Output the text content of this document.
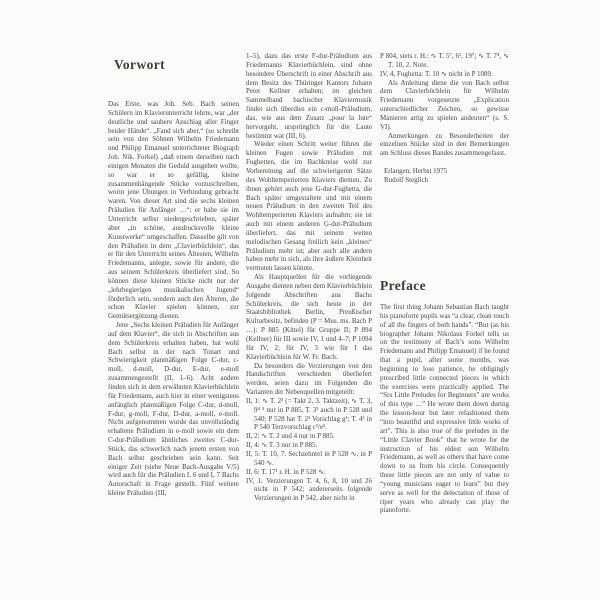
Vorwort

Das Erste, was Joh. Seb. Bach seinen Schülern im Klavierunterricht lehrte, war „der deutliche und saubere Anschlag aller Finger beider Hände“. „Fand sich aber,“ (so schreibt sein von den Söhnen Wilhelm Friedemann und Philipp Emanuel unterrichteter Biograph Joh. Nik. Forkel) „daß einem derselben nach einigen Monaten die Geduld ausgehen wollte, so war er so gefällig, kleine zusammenhängende Stücke vorzuschreiben, worin jene Übungen in Verbindung gebracht waren. Von dieser Art sind die sechs kleinen Präludien für Anfänger …“; er habe sie im Unterricht selbst niedergeschrieben, später aber „in schöne, ausdrucksvolle kleine Kunstwerke“ umgeschaffen. Dasselbe gilt von den Präludien in dem „Clavierbüchlein“, das er für den Unterricht seines Ältesten, Wilhelm Friedemanns, anlegte, sowie für andere, die aus seinem Schülerkreis überliefert sind. So können diese kleinen Stücke nicht nur der „lehrbegierigen musikalischen Jugend“ förderlich sein, sondern auch den Älteren, die schon Klavier spielen können, zur Gemütsergötzung dienen.

Jene „Sechs kleinen Präludien für Anfänger auf dem Klavier“, die sich in Abschriften aus dem Schülerkreis erhalten haben, hat wohl Bach selbst in der nach Tonart und Schwierigkeit planmäßigen Folge C-dur, c-moll, d-moll, D-dur, E-dur, e-moll zusammengestellt (II, 1–6). Acht andere finden sich in dem erwähnten Klavierbüchlein für Friedemann, auch hier in einer wenigstens anfänglich planmäßigen Folge C-dur, d-moll, F-dur, g-moll, F-dur, D-dur, a-moll, e-moll. Nicht aufgenommen wurde das unvollständig erhaltene Präludium in e-moll sowie ein dem C-dur-Präludium ähnliches zweites C-dur-Stück, das schwerlich nach jenem ersten von Bach selbst geschrieben sein kann. Seit einiger Zeit (siehe Neue Bach-Ausgabe V/5) wird auch für die Präludien I, 6 und I, 7 Bachs Autorschaft in Frage gestellt. Fünf weitere kleine Präludien (III,

1–5), dazu das erste F-dur-Präludium aus Friedemanns Klavierbüchlein, sind ohne besondere Überschrift in einer Abschrift aus dem Besitz des Thüringer Kantors Johann Peter Kellner erhalten; im gleichen Sammelband bachischer Klaviermusik findet sich überdies ein c-moll-Präludium, das, wie aus dem Zusatz „pour la lute“ hervorgeht, ursprünglich für die Laute bestimmt war (III, 6).

Wieder einen Schritt weiter führen die kleinen Fugen sowie Präludien mit Fughetten, die im Bachkreise wohl zur Vorbereitung auf die schwierigeren Sätze des Wohltemperierten Klaviers dienten. Zu ihnen gehört auch jene G-dur-Fughetta, die Bach später umgestaltete und mit einem neuen Präludium in den zweiten Teil des Wohltemperierten Klaviers aufnahm; sie ist auch mit einem anderen G-dur-Präludium überliefert, das mit seinem weiten melodischen Gesang freilich kein „kleines“ Präludium mehr ist; aber auch alle andern haben mehr in sich, als ihre äußere Kleinheit vermuten lassen könnte.

Als Hauptquellen für die vorliegende Ausgabe dienten neben dem Klavierbüchlein folgende Abschriften aus Bachs Schülerkreis, die sich heute in der Staatsbibliothek Berlin, Preußischer Kulturbesitz, befinden (P = Mus. ms. Bach P …): P 885 (Kittel) für Gruppe II; P 894 (Kellner) für III sowie IV, 1 und 4–7; P 1094 für IV, 2; für IV, 3 wie für I das Klavierbüchlein für W. Fr. Bach.

Da besonders die Verzierungen von den Handschriften verschieden überliefert werden, seien dazu im Folgenden die Varianten der Nebenquellen mitgeteilt:

II, 1: ∿ T. 2³ (= Takt 2, 3. Taktzeit), ∿ T. 3, 9⁴ ⁵ nur in P 885, T. 3¹ auch in P 528 und 540; P 528 hat T. 2³ Vorschlag g¹; T. 4³ in P 540 Terzvorschlag c²/e².

II, 2: ∿ T. 2 und 4 nur in P 885.

II, 4: ∿ T. 3 nur in P 885.

II, 5: T. 10, 7. Sechzehntel in P 528 ∿, in P 540 ∿.

II, 6: T. 17¹ r. H. in P 528 ∿.

IV, 1: Verzierungen T. 4, 6, 8, 10 und 26 nicht in P 542; andererseits folgende Verzierungen in P 542, aber nicht in

P 804, stets r. H.: ∿ T. 5⁷, 6¹, 19⁷; ∿ T. 7⁴, ∿ T. 10, 2. Note.

IV, 4, Fughetta: T. 10 ∿ nicht in P 1089.

Als Anleitung diene die von Bach selbst dem Clavierbüchlein für Wilhelm Friedemann vorgesetzte „Explication unterschiedlicher Zeichen, so gewisse Manieren artig zu spielen andeuten“ (s. S. VI).

Anmerkungen zu Besonderheiten der einzelnen Stücke sind in den Bemerkungen am Schluss dieses Bandes zusammengefasst.

Erlangen, Herbst 1975
Rudolf Steglich
Preface

The first thing Johann Sebastian Bach taught his pianoforte pupils was “a clear, clean touch of all the fingers of both hands”. “But (as his biographer Johann Nikolaus Forkel tells us on the testimony of Bach’s sons Wilhelm Friedemann and Philipp Emanuel) if he found that a pupil, after some months, was beginning to lose patience, he obligingly prescribed little connected pieces in which the exercises were practically applied. The “Six Little Preludes for Beginners” are works of this type …” He wrote them down during the lesson-hour but later refashioned them “into beautiful and expressive little works of art”. This is also true of the preludes in the “Little Clavier Book” that he wrote for the instruction of his eldest son Wilhelm Friedemann, as well as others that have come down to us from his circle. Consequently these little pieces are not only of value to “young musicians eager to learn” but they serve as well for the delectation of those of riper years who already can play the pianoforte.
